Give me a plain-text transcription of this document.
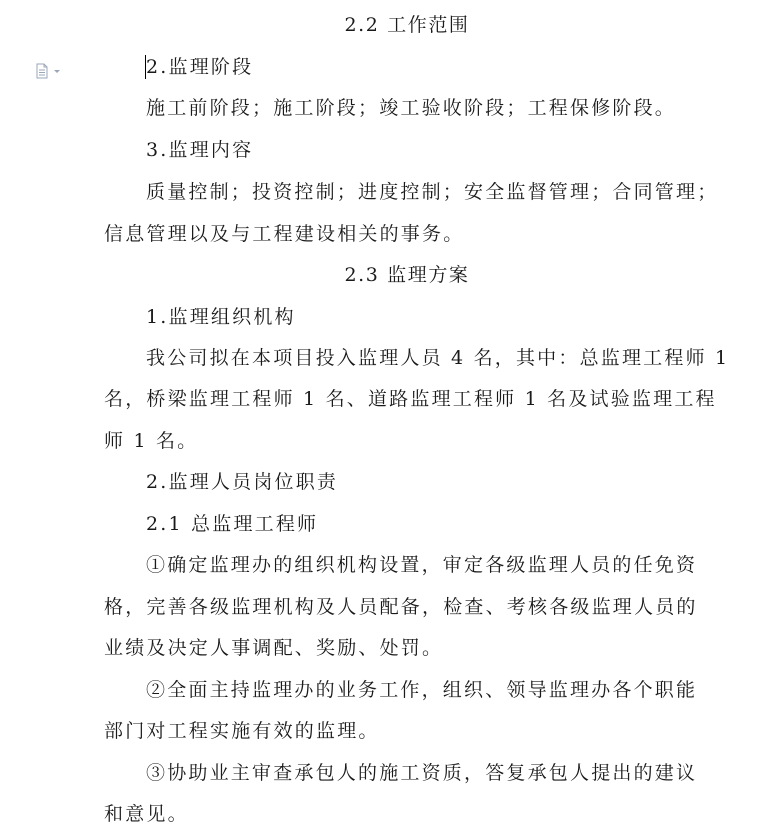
2.2 工作范围
2.监理阶段
施工前阶段；施工阶段；竣工验收阶段；工程保修阶段。
3.监理内容
质量控制；投资控制；进度控制；安全监督管理；合同管理；
信息管理以及与工程建设相关的事务。
2.3 监理方案
1.监理组织机构
我公司拟在本项目投入监理人员 4 名，其中：总监理工程师 1
名，桥梁监理工程师 1 名、道路监理工程师 1 名及试验监理工程
师 1 名。
2.监理人员岗位职责
2.1 总监理工程师
①确定监理办的组织机构设置，审定各级监理人员的任免资
格，完善各级监理机构及人员配备，检查、考核各级监理人员的
业绩及决定人事调配、奖励、处罚。
②全面主持监理办的业务工作，组织、领导监理办各个职能
部门对工程实施有效的监理。
③协助业主审查承包人的施工资质，答复承包人提出的建议
和意见。
